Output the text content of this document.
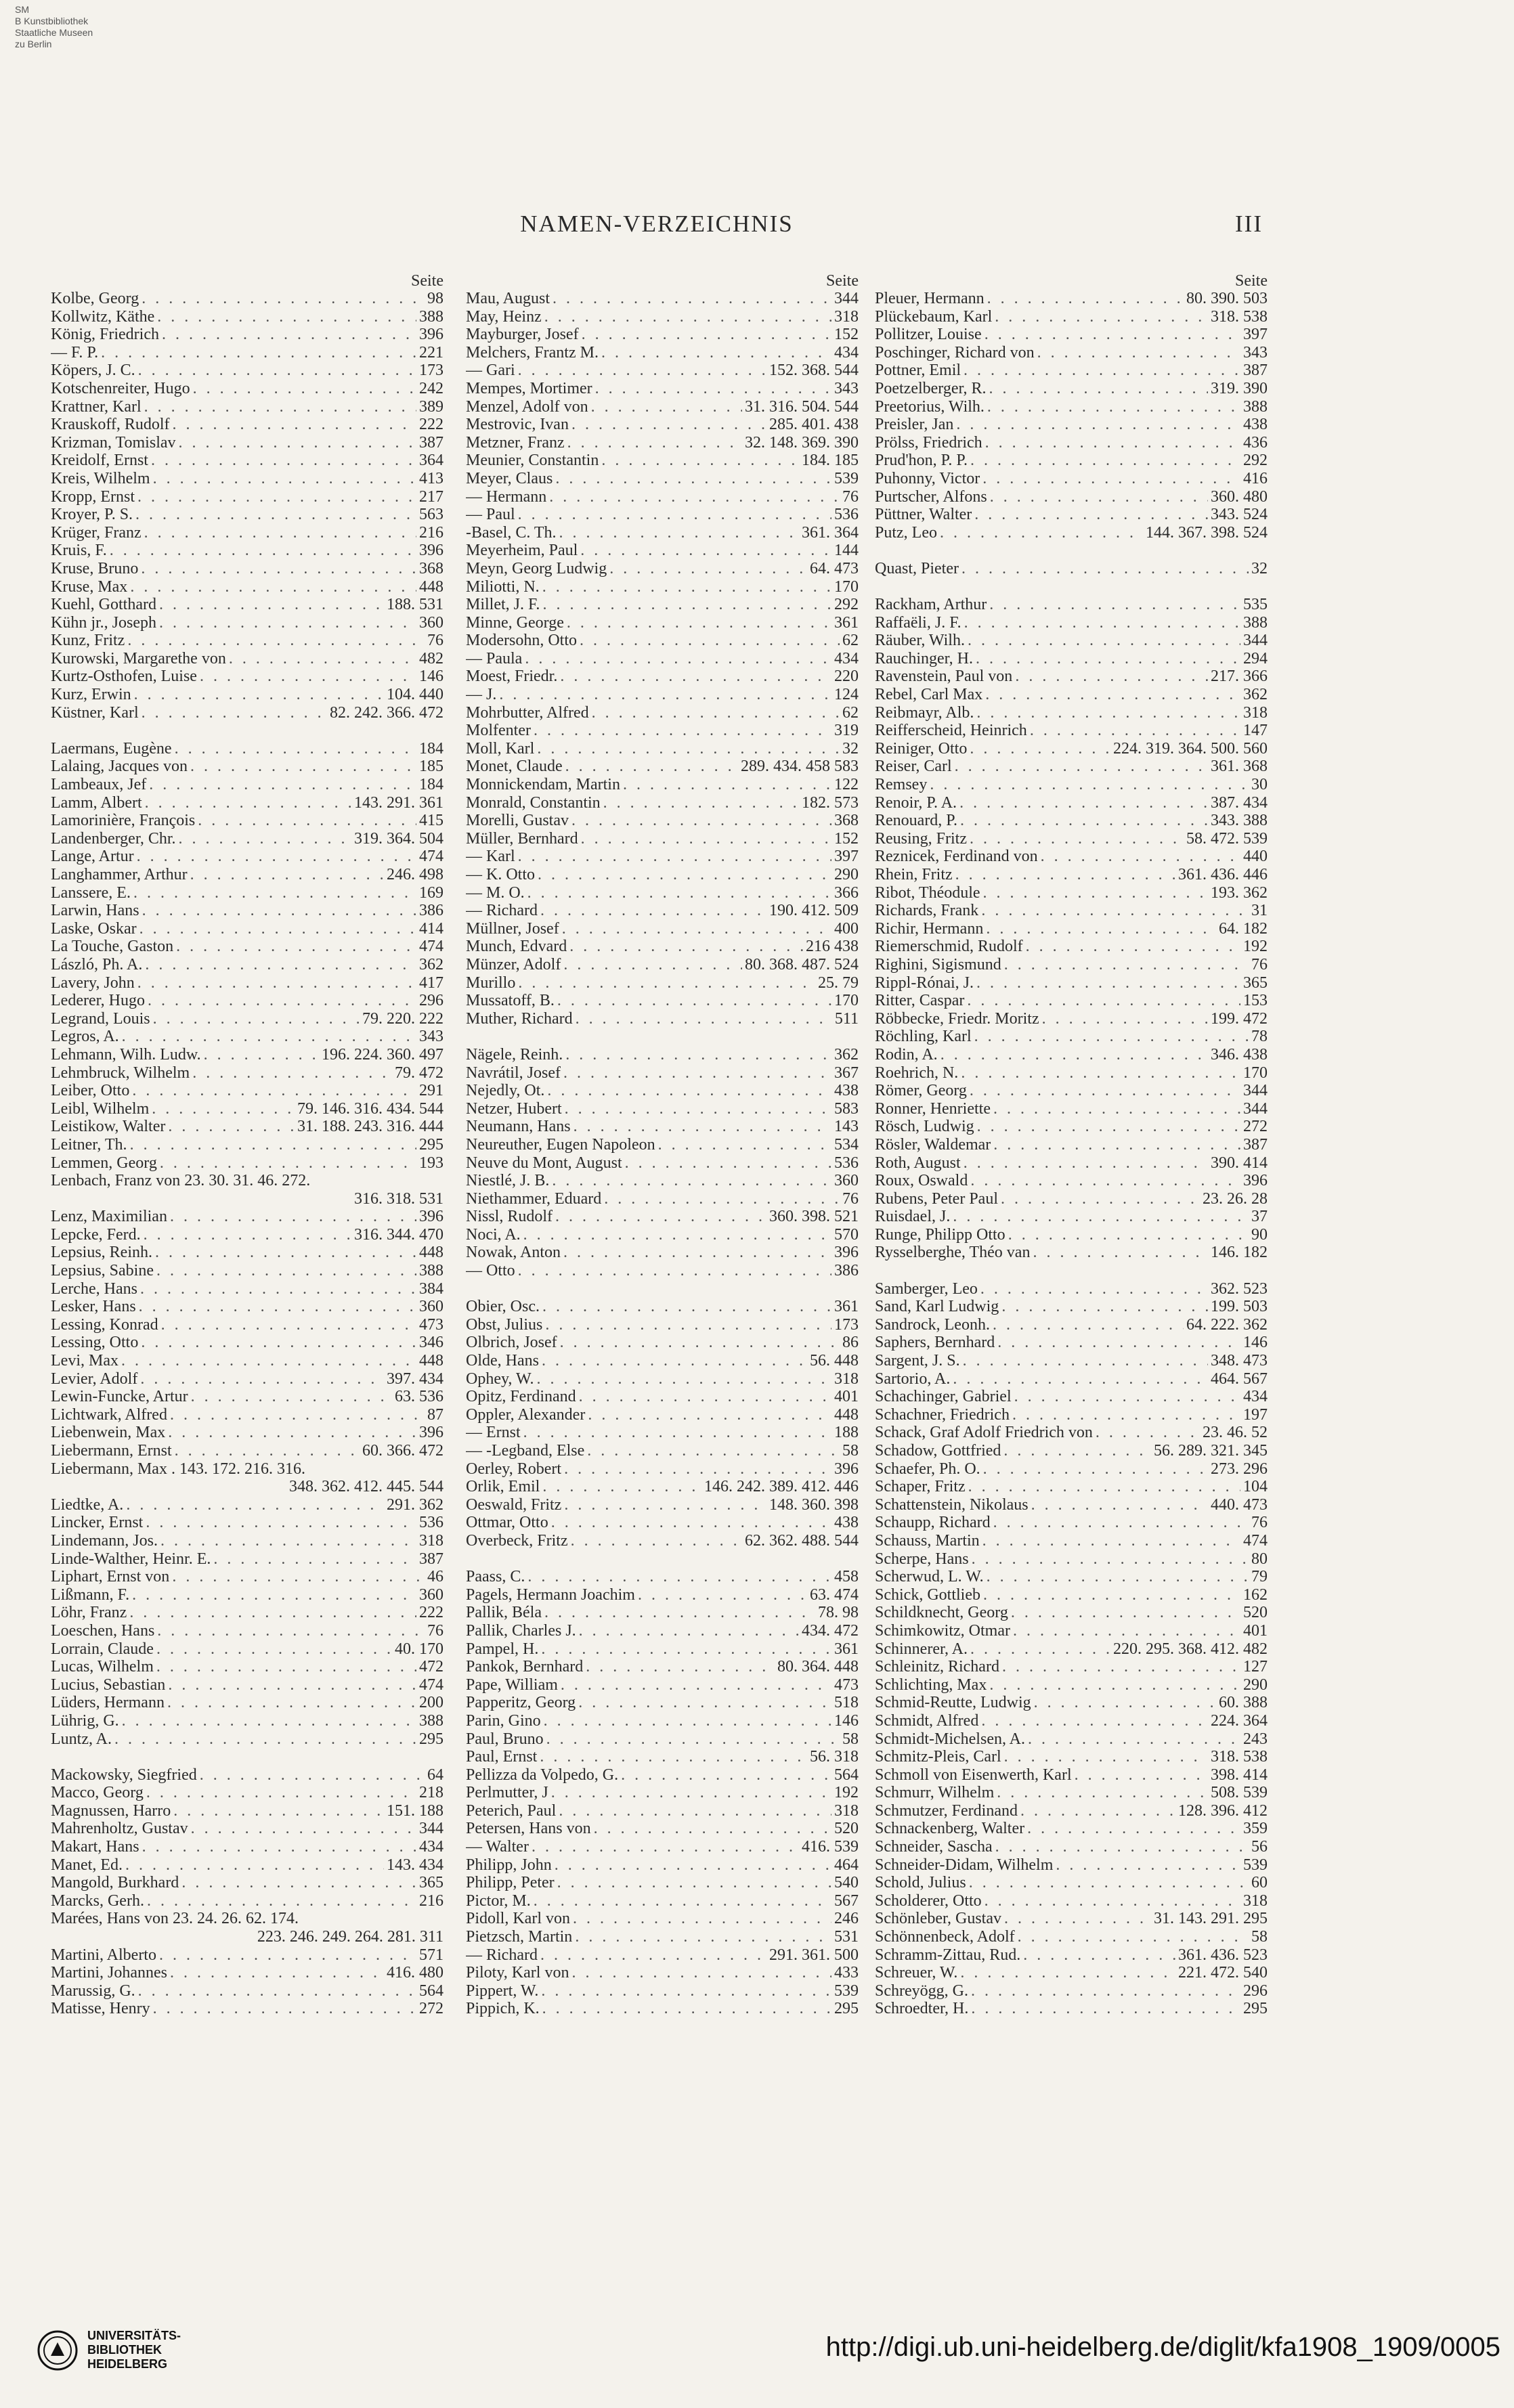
SM
B Kunstbibliothek
Staatliche Museen
zu Berlin
NAMEN-VERZEICHNIS	III
Seite
Kolbe, Georg . . .	98
Kollwitz, Käthe . . .	388
König, Friedrich . . .	396
— F. P. . . .	221
Köpers, J. C. . . .	173
Kotschenreiter, Hugo . . .	242
Krattner, Karl . . .	389
Krauskoff, Rudolf . . .	222
Krizman, Tomislav . . .	387
Kreidolf, Ernst . . .	364
Kreis, Wilhelm . . .	413
Kropp, Ernst . . .	217
Kroyer, P. S. . . .	563
Krüger, Franz . . .	216
Kruis, F. . . .	396
Kruse, Bruno . . .	368
Kruse, Max . . .	448
Kuehl, Gotthard . . .	188. 531
Kühn jr., Joseph . . .	360
Kunz, Fritz . . .	76
Kurowski, Margarethe von . . .	482
Kurtz-Osthofen, Luise . . .	146
Kurz, Erwin . . .	104. 440
Küstner, Karl . . .	82. 242. 366. 472
Laermans, Eugène . . .	184
Lalaing, Jacques von . . .	185
Lambeaux, Jef . . .	184
Lamm, Albert . . .	143. 291. 361
Lamorinière, François . . .	415
Landenberger, Chr. . . .	319. 364. 504
Lange, Artur . . .	474
Langhammer, Arthur . . .	246. 498
Lanssere, E. . . .	169
Larwin, Hans . . .	386
Laske, Oskar . . .	414
La Touche, Gaston . . .	474
László, Ph. A. . . .	362
Lavery, John . . .	417
Lederer, Hugo . . .	296
Legrand, Louis . . .	79. 220. 222
Legros, A. . . .	343
Lehmann, Wilh. Ludw. . . .	196. 224. 360. 497
Lehmbruck, Wilhelm . . .	79. 472
Leiber, Otto . . .	291
Leibl, Wilhelm . . .	79. 146. 316. 434. 544
Leistikow, Walter . . .	31. 188. 243. 316. 444
Leitner, Th. . . .	295
Lemmen, Georg . . .	193
Lenbach, Franz von 23. 30. 31. 46. 272.
316. 318. 531
Lenz, Maximilian . . .	396
Lepcke, Ferd. . . .	316. 344. 470
Lepsius, Reinh. . . .	448
Lepsius, Sabine . . .	388
Lerche, Hans . . .	384
Lesker, Hans . . .	360
Lessing, Konrad . . .	473
Lessing, Otto . . .	346
Levi, Max . . .	448
Levier, Adolf . . .	397. 434
Lewin-Funcke, Artur . . .	63. 536
Lichtwark, Alfred . . .	87
Liebenwein, Max . . .	396
Liebermann, Ernst . . .	60. 366. 472
Liebermann, Max . 143. 172. 216. 316.
348. 362. 412. 445. 544
Liedtke, A. . . .	291. 362
Lincker, Ernst . . .	536
Lindemann, Jos. . . .	318
Linde-Walther, Heinr. E. . . .	387
Liphart, Ernst von . . .	46
Lißmann, F. . . .	360
Löhr, Franz . . .	222
Loeschen, Hans . . .	76
Lorrain, Claude . . .	40. 170
Lucas, Wilhelm . . .	472
Lucius, Sebastian . . .	474
Lüders, Hermann . . .	200
Lührig, G. . . .	388
Luntz, A. . . .	295
Mackowsky, Siegfried . . .	64
Macco, Georg . . .	218
Magnussen, Harro . . .	151. 188
Mahrenholtz, Gustav . . .	344
Makart, Hans . . .	434
Manet, Ed. . . .	143. 434
Mangold, Burkhard . . .	365
Marcks, Gerh. . . .	216
Marées, Hans von 23. 24. 26. 62. 174.
223. 246. 249. 264. 281. 311
Martini, Alberto . . .	571
Martini, Johannes . . .	416. 480
Marussig, G. . . .	564
Matisse, Henry . . .	272
Seite
Mau, August . . .	344
May, Heinz . . .	318
Mayburger, Josef . . .	152
Melchers, Frantz M. . . .	434
— Gari . . .	152. 368. 544
Mempes, Mortimer . . .	343
Menzel, Adolf von . . .	31. 316. 504. 544
Mestrovic, Ivan . . .	285. 401. 438
Metzner, Franz . . .	32. 148. 369. 390
Meunier, Constantin . . .	184. 185
Meyer, Claus . . .	539
— Hermann . . .	76
— Paul . . .	536
-Basel, C. Th. . . .	361. 364
Meyerheim, Paul . . .	144
Meyn, Georg Ludwig . . .	64. 473
Miliotti, N. . . .	170
Millet, J. F. . . .	292
Minne, George . . .	361
Modersohn, Otto . . .	62
— Paula . . .	434
Moest, Friedr. . . .	220
— J. . . .	124
Mohrbutter, Alfred . . .	62
Molfenter . . .	319
Moll, Karl . . .	32
Monet, Claude . . .	289. 434. 458 583
Monnickendam, Martin . . .	122
Monrald, Constantin . . .	182. 573
Morelli, Gustav . . .	368
Müller, Bernhard . . .	152
— Karl . . .	397
— K. Otto . . .	290
— M. O. . . .	366
— Richard . . .	190. 412. 509
Müllner, Josef . . .	400
Munch, Edvard . . .	216 438
Münzer, Adolf . . .	80. 368. 487. 524
Murillo . . .	25. 79
Mussatoff, B. . . .	170
Muther, Richard . . .	511
Nägele, Reinh. . . .	362
Navrátil, Josef . . .	367
Nejedly, Ot. . . .	438
Netzer, Hubert . . .	583
Neumann, Hans . . .	143
Neureuther, Eugen Napoleon . . .	534
Neuve du Mont, August . . .	536
Niestlé, J. B. . . .	360
Niethammer, Eduard . . .	76
Nissl, Rudolf . . .	360. 398. 521
Noci, A. . . .	570
Nowak, Anton . . .	396
— Otto . . .	386
Obier, Osc. . . .	361
Obst, Julius . . .	173
Olbrich, Josef . . .	86
Olde, Hans . . .	56. 448
Ophey, W. . . .	318
Opitz, Ferdinand . . .	401
Oppler, Alexander . . .	448
— Ernst . . .	188
— -Legband, Else . . .	58
Oerley, Robert . . .	396
Orlik, Emil . . .	146. 242. 389. 412. 446
Oeswald, Fritz . . .	148. 360. 398
Ottmar, Otto . . .	438
Overbeck, Fritz . . .	62. 362. 488. 544
Paass, C. . . .	458
Pagels, Hermann Joachim . . .	63. 474
Pallik, Béla . . .	78. 98
Pallik, Charles J. . . .	434. 472
Pampel, H. . . .	361
Pankok, Bernhard . . .	80. 364. 448
Pape, William . . .	473
Papperitz, Georg . . .	518
Parin, Gino . . .	146
Paul, Bruno . . .	58
Paul, Ernst . . .	56. 318
Pellizza da Volpedo, G. . . .	564
Perlmutter, J . . .	192
Peterich, Paul . . .	318
Petersen, Hans von . . .	520
— Walter . . .	416. 539
Philipp, John . . .	464
Philipp, Peter . . .	540
Pictor, M. . . .	567
Pidoll, Karl von . . .	246
Pietzsch, Martin . . .	531
— Richard . . .	291. 361. 500
Piloty, Karl von . . .	433
Pippert, W. . . .	539
Pippich, K. . . .	295
Seite
Pleuer, Hermann . . .	80. 390. 503
Plückebaum, Karl . . .	318. 538
Pollitzer, Louise . . .	397
Poschinger, Richard von . . .	343
Pottner, Emil . . .	387
Poetzelberger, R. . . .	319. 390
Preetorius, Wilh. . . .	388
Preisler, Jan . . .	438
Prölss, Friedrich . . .	436
Prud'hon, P. P. . . .	292
Puhonny, Victor . . .	416
Purtscher, Alfons . . .	360. 480
Püttner, Walter . . .	343. 524
Putz, Leo . . .	144. 367. 398. 524
Quast, Pieter . . .	32
Rackham, Arthur . . .	535
Raffaëli, J. F. . . .	388
Räuber, Wilh. . . .	344
Rauchinger, H. . . .	294
Ravenstein, Paul von . . .	217. 366
Rebel, Carl Max . . .	362
Reibmayr, Alb. . . .	318
Reifferscheid, Heinrich . . .	147
Reiniger, Otto . . .	224. 319. 364. 500. 560
Reiser, Carl . . .	361. 368
Remsey . . .	30
Renoir, P. A. . . .	387. 434
Renouard, P. . . .	343. 388
Reusing, Fritz . . .	58. 472. 539
Reznicek, Ferdinand von . . .	440
Rhein, Fritz . . .	361. 436. 446
Ribot, Théodule . . .	193. 362
Richards, Frank . . .	31
Richir, Hermann . . .	64. 182
Riemerschmid, Rudolf . . .	192
Righini, Sigismund . . .	76
Rippl-Rónai, J. . . .	365
Ritter, Caspar . . .	153
Röbbecke, Friedr. Moritz . . .	199. 472
Röchling, Karl . . .	78
Rodin, A. . . .	346. 438
Roehrich, N. . . .	170
Römer, Georg . . .	344
Ronner, Henriette . . .	344
Rösch, Ludwig . . .	272
Rösler, Waldemar . . .	387
Roth, August . . .	390. 414
Roux, Oswald . . .	396
Rubens, Peter Paul . . .	23. 26. 28
Ruisdael, J. . . .	37
Runge, Philipp Otto . . .	90
Rysselberghe, Théo van . . .	146. 182
Samberger, Leo . . .	362. 523
Sand, Karl Ludwig . . .	199. 503
Sandrock, Leonh. . . .	64. 222. 362
Saphers, Bernhard . . .	146
Sargent, J. S. . . .	348. 473
Sartorio, A. . . .	464. 567
Schachinger, Gabriel . . .	434
Schachner, Friedrich . . .	197
Schack, Graf Adolf Friedrich von . . .	23. 46. 52
Schadow, Gottfried . . .	56. 289. 321. 345
Schaefer, Ph. O. . . .	273. 296
Schaper, Fritz . . .	104
Schattenstein, Nikolaus . . .	440. 473
Schaupp, Richard . . .	76
Schauss, Martin . . .	474
Scherpe, Hans . . .	80
Scherwud, L. W. . . .	79
Schick, Gottlieb . . .	162
Schildknecht, Georg . . .	520
Schimkowitz, Otmar . . .	401
Schinnerer, A. . . .	220. 295. 368. 412. 482
Schleinitz, Richard . . .	127
Schlichting, Max . . .	290
Schmid-Reutte, Ludwig . . .	60. 388
Schmidt, Alfred . . .	224. 364
Schmidt-Michelsen, A. . . .	243
Schmitz-Pleis, Carl . . .	318. 538
Schmoll von Eisenwerth, Karl . . .	398. 414
Schmurr, Wilhelm . . .	508. 539
Schmutzer, Ferdinand . . .	128. 396. 412
Schnackenberg, Walter . . .	359
Schneider, Sascha . . .	56
Schneider-Didam, Wilhelm . . .	539
Schold, Julius . . .	60
Scholderer, Otto . . .	318
Schönleber, Gustav . . .	31. 143. 291. 295
Schönnenbeck, Adolf . . .	58
Schramm-Zittau, Rud. . . .	361. 436. 523
Schreuer, W. . . .	221. 472. 540
Schreyögg, G. . . .	296
Schroedter, H. . . .	295
UNIVERSITÄTS-
BIBLIOTHEK
HEIDELBERG
http://digi.ub.uni-heidelberg.de/diglit/kfa1908_1909/0005
